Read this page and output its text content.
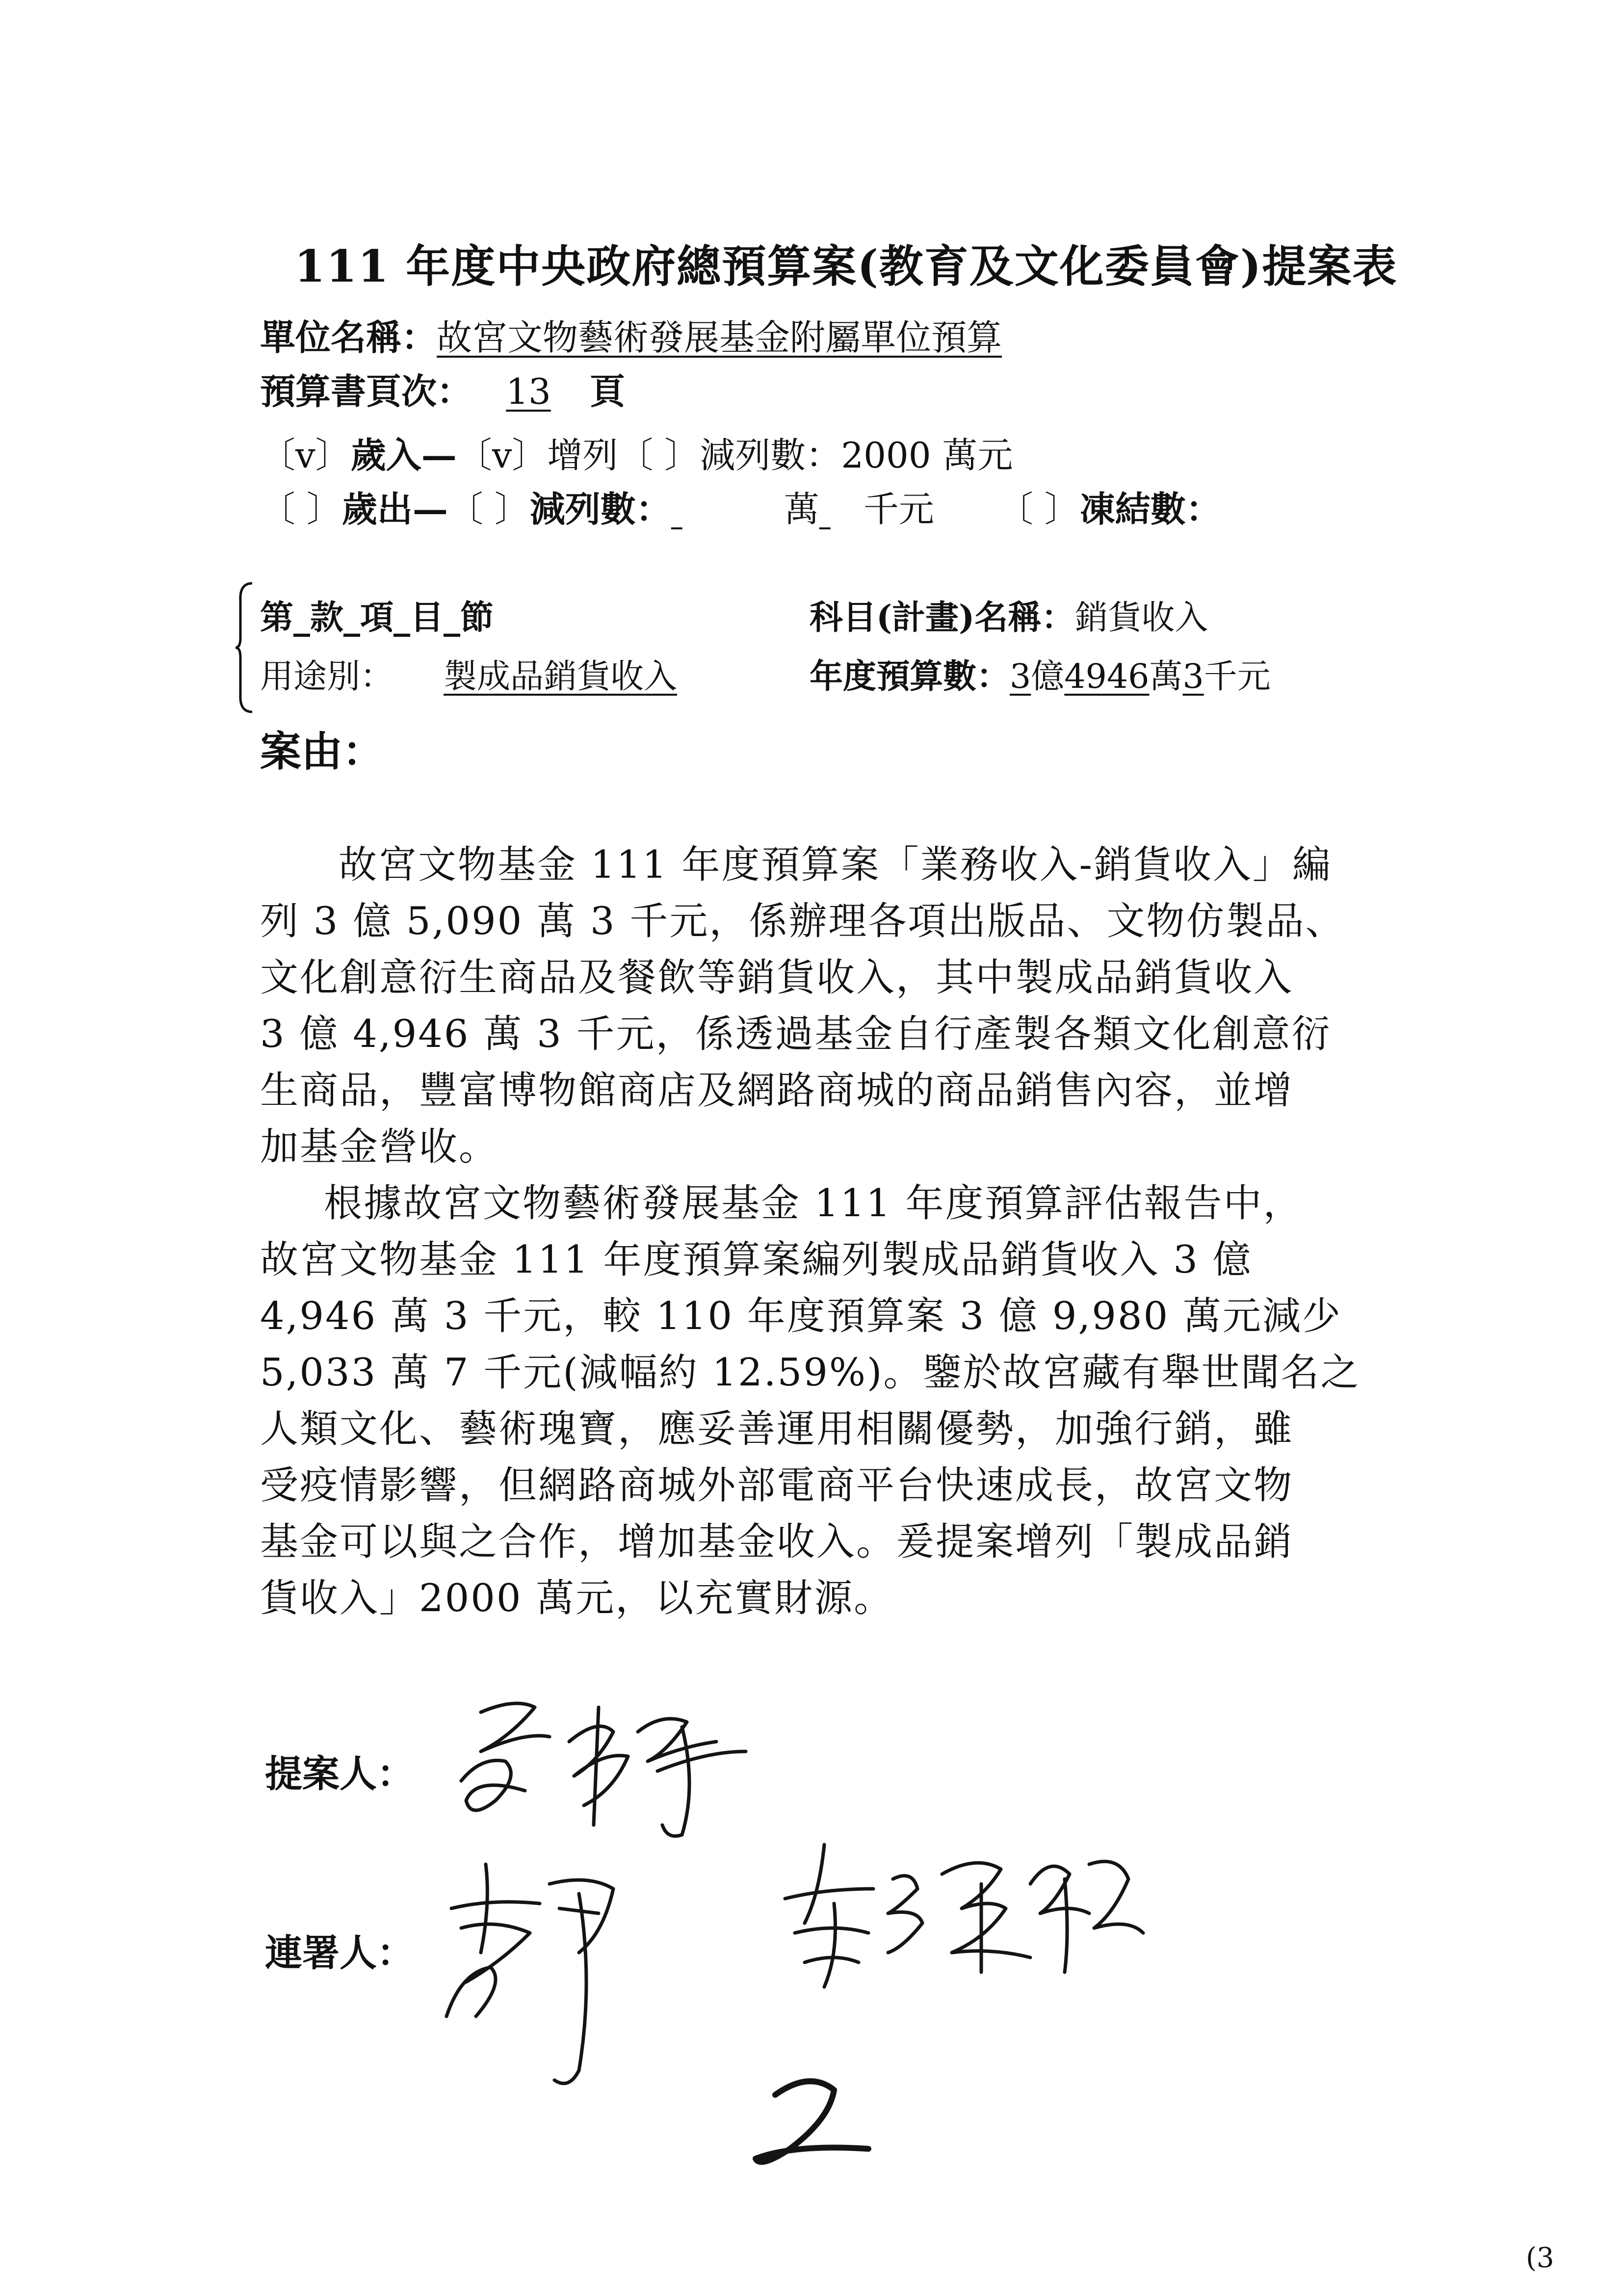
111 年度中央政府總預算案(教育及文化委員會)提案表
單位名稱：故宮文物藝術發展基金附屬單位預算
預算書頁次： 13 頁
〔v〕歲入—〔v〕增列〔 〕減列數：2000 萬元
〔 〕歲出—〔 〕減列數：	萬 千元 〔 〕凍結數：
第_款_項_目_節	科目(計畫)名稱：銷貨收入
用途別： 製成品銷貨收入	年度預算數：3億4946萬3千元
案由：
故宮文物基金 111 年度預算案「業務收入-銷貨收入」編
列 3 億 5,090 萬 3 千元，係辦理各項出版品、文物仿製品、
文化創意衍生商品及餐飲等銷貨收入，其中製成品銷貨收入
3 億 4,946 萬 3 千元，係透過基金自行產製各類文化創意衍
生商品，豐富博物館商店及網路商城的商品銷售內容，並增
加基金營收。
根據故宮文物藝術發展基金 111 年度預算評估報告中，
故宮文物基金 111 年度預算案編列製成品銷貨收入 3 億
4,946 萬 3 千元，較 110 年度預算案 3 億 9,980 萬元減少
5,033 萬 7 千元(減幅約 12.59%)。鑒於故宮藏有舉世聞名之
人類文化、藝術瑰寶，應妥善運用相關優勢，加強行銷，雖
受疫情影響，但網路商城外部電商平台快速成長，故宮文物
基金可以與之合作，增加基金收入。爰提案增列「製成品銷
貨收入」2000 萬元，以充實財源。
提案人：
連署人：
(3
